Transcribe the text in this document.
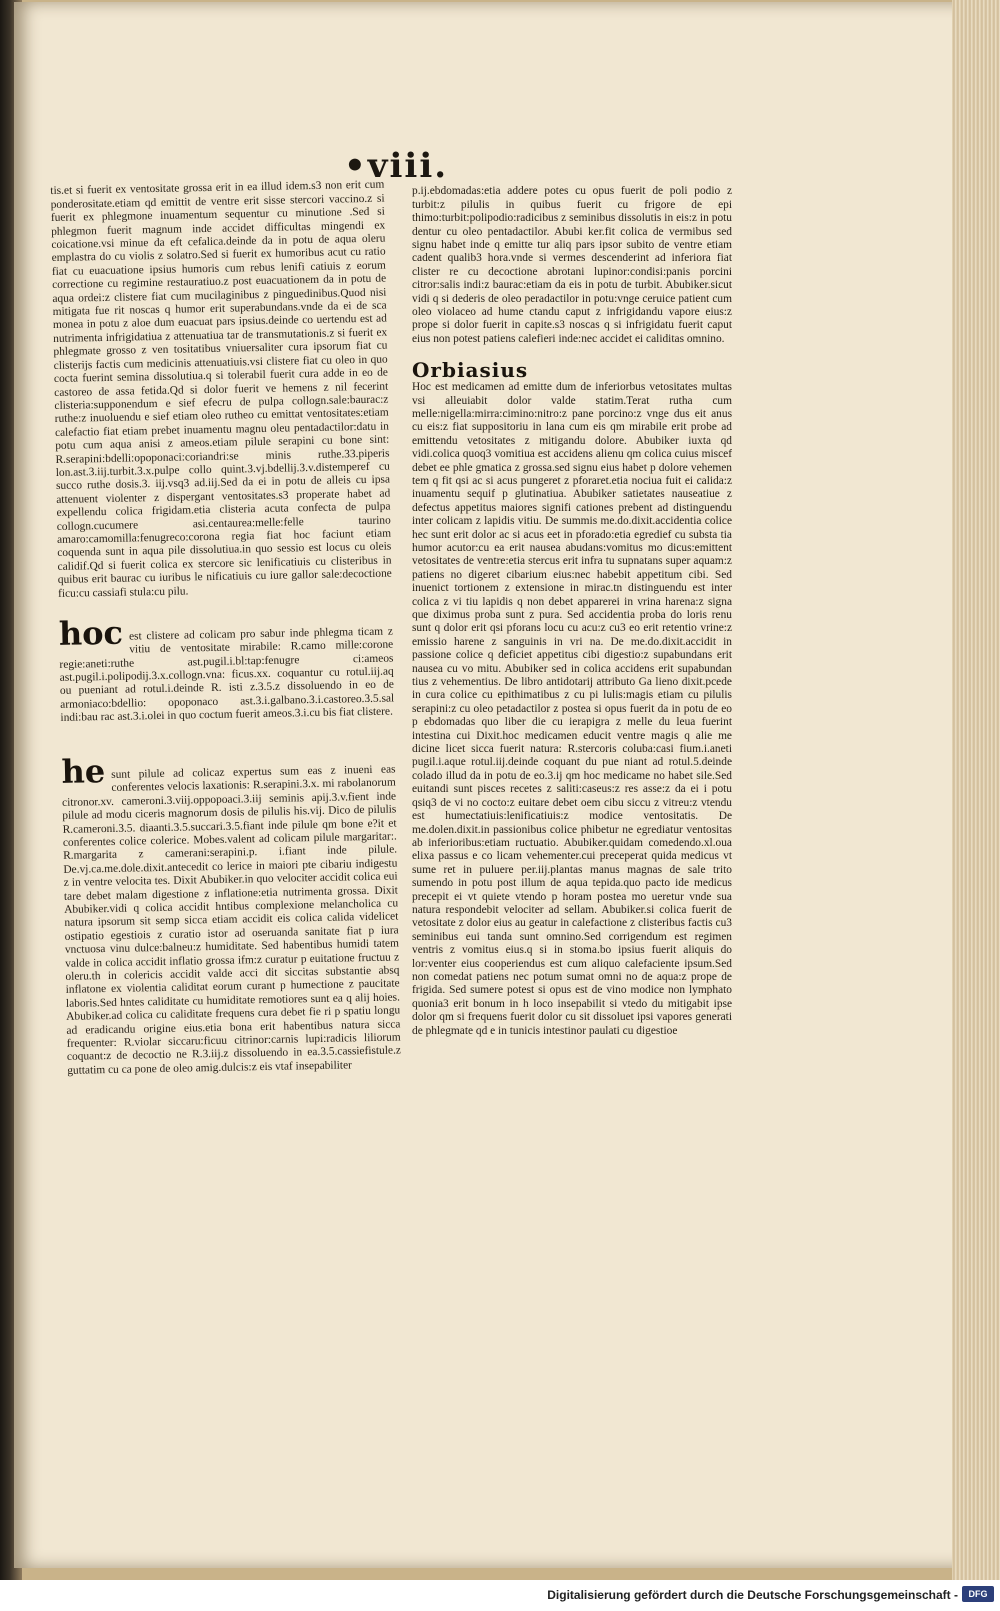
•viii.

tis.et si fuerit ex ventositate grossa erit in ea illud idem.s3 non erit cum ponderositate.etiam qd emittit de ventre erit sisse stercori vaccino.z si fuerit ex phlegmone inuamentum sequentur cu minutione .Sed si phlegmon fuerit magnum inde accidet difficultas mingendi ex coicatione.vsi minue da eft cefalica.deinde da in potu de aqua oleru emplastra do cu violis z solatro.Sed si fuerit ex humoribus acut cu ratio fiat cu euacuatione ipsius humoris cum rebus lenifi catiuis z eorum correctione cu regimine restauratiuo.z post euacuationem da in potu de aqua ordei:z clistere fiat cum mucilaginibus z pinguedinibus.Quod nisi mitigata fue rit noscas q humor erit superabundans.vnde da ei de sca monea in potu z aloe dum euacuat pars ipsius.deinde co uertendu est ad nutrimenta infrigidatiua z attenuatiua tar de transmutationis.z si fuerit ex phlegmate grosso z ven tositatibus vniuersaliter cura ipsorum fiat cu clisterijs factis cum medicinis attenuatiuis.vsi clistere fiat cu oleo in quo cocta fuerint semina dissolutiua.q si tolerabil fuerit cura adde in eo de castoreo de assa fetida.Qd si dolor fuerit ve hemens z nil fecerint clisteria:supponendum e sief efecru de pulpa collogn.sale:baurac:z ruthe:z inuoluendu e sief etiam oleo rutheo cu emittat ventositates:etiam calefactio fiat etiam prebet inuamentu magnu oleu pentadactilor:datu in potu cum aqua anisi z ameos.etiam pilule serapini cu bone sint: R.serapini:bdelli:opoponaci:coriandri:se minis ruthe.33.piperis lon.ast.3.iij.turbit.3.x.pulpe collo quint.3.vj.bdellij.3.v.distemperef cu succo ruthe dosis.3. iij.vsq3 ad.iij.Sed da ei in potu de alleis cu ipsa attenuent violenter z dispergant ventositates.s3 properate habet ad expellendu colica frigidam.etia clisteria acuta confecta de pulpa collogn.cucumere asi.centaurea:melle:felle taurino amaro:camomilla:fenugreco:corona regia fiat hoc faciunt etiam coquenda sunt in aqua pile dissolutiua.in quo sessio est locus cu oleis calidif.Qd si fuerit colica ex stercore sic lenificatiuis cu clisteribus in quibus erit baurac cu iuribus le nificatiuis cu iure gallor sale:decoctione ficu:cu cassiafi stula:cu pilu.

hoc est clistere ad colicam pro sabur inde phlegma ticam z vitiu de ventositate mirabile: R.camo mille:corone regie:aneti:ruthe ast.pugil.i.bl:tap:fenugre ci:ameos ast.pugil.i.polipodij.3.x.collogn.vna: ficus.xx. coquantur cu rotul.iij.aq ou pueniant ad rotul.i.deinde R. isti z.3.5.z dissoluendo in eo de armoniaco:bdellio: opoponaco ast.3.i.galbano.3.i.castoreo.3.5.sal indi:bau rac ast.3.i.olei in quo coctum fuerit ameos.3.i.cu bis fiat clistere.

he sunt pilule ad colicaz expertus sum eas z inueni eas conferentes velocis laxationis: R.serapini.3.x. mi rabolanorum citronor.xv. cameroni.3.viij.oppopoaci.3.iij seminis apij.3.v.fient inde pilule ad modu ciceris magnorum dosis de pilulis his.vij. Dico de pilulis R.cameroni.3.5. diaanti.3.5.succari.3.5.fiant inde pilule qm bone e?it et conferentes colice colerice. Mobes.valent ad colicam pilule margaritar:. R.margarita z camerani:serapini.p. i.fiant inde pilule. De.vj.ca.me.dole.dixit.antecedit co lerice in maiori pte cibariu indigestu z in ventre velocita tes. Dixit Abubiker.in quo velociter accidit colica eui tare debet malam digestione z inflatione:etia nutrimenta grossa. Dixit Abubiker.vidi q colica accidit hntibus complexione melancholica cu natura ipsorum sit semp sicca etiam accidit eis colica calida videlicet ostipatio egestiois z curatio istor ad oseruanda sanitate fiat p iura vnctuosa vinu dulce:balneu:z humiditate. Sed habentibus humidi tatem valde in colica accidit inflatio grossa ifm:z curatur p euitatione fructuu z oleru.th in colericis accidit valde acci dit siccitas substantie absq inflatone ex violentia caliditat eorum curant p humectione z paucitate laboris.Sed hntes caliditate cu humiditate remotiores sunt ea q alij hoies. Abubiker.ad colica cu caliditate frequens cura debet fie ri p spatiu longu ad eradicandu origine eius.etia bona erit habentibus natura sicca frequenter: R.violar siccaru:ficuu citrinor:carnis lupi:radicis liliorum coquant:z de decoctio ne R.3.iij.z dissoluendo in ea.3.5.cassiefistule.z guttatim cu ca pone de oleo amig.dulcis:z eis vtaf insepabiliter

p.ij.ebdomadas:etia addere potes cu opus fuerit de poli podio z turbit:z pilulis in quibus fuerit cu frigore de epi thimo:turbit:polipodio:radicibus z seminibus dissolutis in eis:z in potu dentur cu oleo pentadactilor. Abubi ker.fit colica de vermibus sed signu habet inde q emitte tur aliq pars ipsor subito de ventre etiam cadent qualib3 hora.vnde si vermes descenderint ad inferiora fiat clister re cu decoctione abrotani lupinor:condisi:panis porcini citror:salis indi:z baurac:etiam da eis in potu de turbit. Abubiker.sicut vidi q si dederis de oleo peradactilor in potu:vnge ceruice patient cum oleo violaceo ad hume ctandu caput z infrigidandu vapore eius:z prope si dolor fuerit in capite.s3 noscas q si infrigidatu fuerit caput eius non potest patiens calefieri inde:nec accidet ei caliditas omnino.

Orbiasius
Hoc est medicamen ad emitte dum de inferiorbus vetositates multas vsi alleuiabit dolor valde statim.Terat rutha cum melle:nigella:mirra:cimino:nitro:z pane porcino:z vnge dus eit anus cu eis:z fiat suppositoriu in lana cum eis qm mirabile erit probe ad emittendu vetositates z mitigandu dolore. Abubiker iuxta qd vidi.colica quoq3 vomitiua est accidens alienu qm colica cuius miscef debet ee phle gmatica z grossa.sed signu eius habet p dolore vehemen tem q fit qsi ac si acus pungeret z pforaret.etia nociua fuit ei calida:z inuamentu sequif p glutinatiua. Abubiker satietates nauseatiue z defectus appetitus maiores signifi cationes prebent ad distinguendu inter colicam z lapidis vitiu. De summis me.do.dixit.accidentia colice hec sunt erit dolor ac si acus eet in pforado:etia egredief cu substa tia humor acutor:cu ea erit nausea abudans:vomitus mo dicus:emittent vetositates de ventre:etia stercus erit infra tu supnatans super aquam:z patiens no digeret cibarium eius:nec habebit appetitum cibi. Sed inuenict tortionem z extensione in mirac.tn distinguendu est inter colica z vi tiu lapidis q non debet apparerei in vrina harena:z signa que diximus proba sunt z pura. Sed accidentia proba do loris renu sunt q dolor erit qsi pforans locu cu acu:z cu3 eo erit retentio vrine:z emissio harene z sanguinis in vri na. De me.do.dixit.accidit in passione colice q deficiet appetitus cibi digestio:z supabundans erit nausea cu vo mitu. Abubiker sed in colica accidens erit supabundan tius z vehementius. De libro antidotarij attributo Ga lieno dixit.pcede in cura colice cu epithimatibus z cu pi lulis:magis etiam cu pilulis serapini:z cu oleo petadactilor z postea si opus fuerit da in potu de eo p ebdomadas quo liber die cu ierapigra z melle du leua fuerint intestina cui Dixit.hoc medicamen educit ventre magis q alie me dicine licet sicca fuerit natura: R.stercoris coluba:casi fium.i.aneti pugil.i.aque rotul.iij.deinde coquant du pue niant ad rotul.5.deinde colado illud da in potu de eo.3.ij qm hoc medicame no habet sile.Sed euitandi sunt pisces recetes z saliti:caseus:z res asse:z da ei i potu qsiq3 de vi no cocto:z euitare debet oem cibu siccu z vitreu:z vtendu est humectatiuis:lenificatiuis:z modice ventositatis. De me.dolen.dixit.in passionibus colice phibetur ne egrediatur ventositas ab inferioribus:etiam ructuatio. Abubiker.quidam comedendo.xl.oua elixa passus e co licam vehementer.cui preceperat quida medicus vt sume ret in puluere per.iij.plantas manus magnas de sale trito sumendo in potu post illum de aqua tepida.quo pacto ide medicus precepit ei vt quiete vtendo p horam postea mo ueretur vnde sua natura respondebit velociter ad sellam. Abubiker.si colica fuerit de vetositate z dolor eius au geatur in calefactione z clisteribus factis cu3 seminibus eui tanda sunt omnino.Sed corrigendum est regimen ventris z vomitus eius.q si in stoma.bo ipsius fuerit aliquis do lor:venter eius cooperiendus est cum aliquo calefaciente ipsum.Sed non comedat patiens nec potum sumat omni no de aqua:z prope de frigida. Sed sumere potest si opus est de vino modice non lymphato quonia3 erit bonum in h loco insepabilit si vtedo du mitigabit ipse dolor qm si frequens fuerit dolor cu sit dissoluet ipsi vapores generati de phlegmate qd e in tunicis intestinor paulati cu digestioe

Digitalisierung gefördert durch die Deutsche Forschungsgemeinschaft -	DFG
